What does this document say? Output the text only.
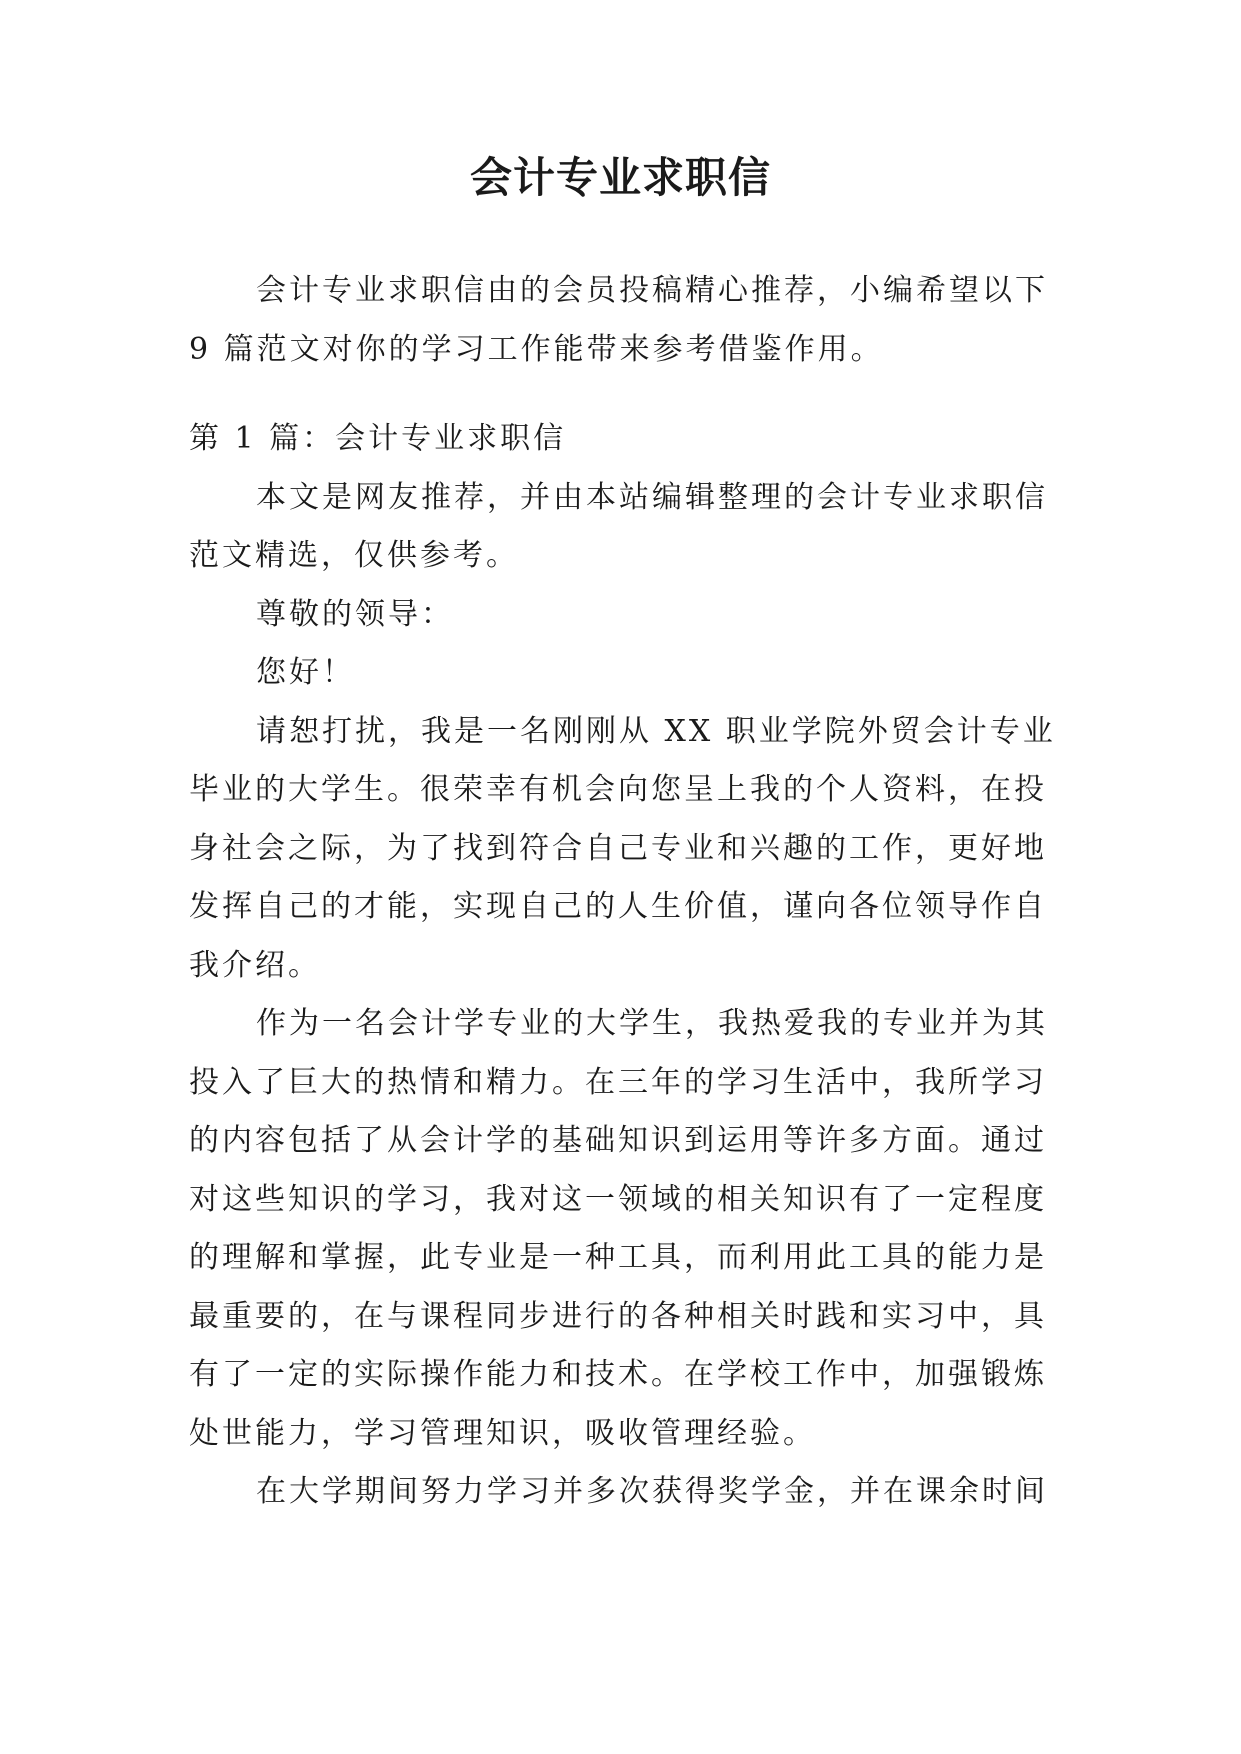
会计专业求职信
会计专业求职信由的会员投稿精心推荐，小编希望以下
9 篇范文对你的学习工作能带来参考借鉴作用。
第 1 篇：会计专业求职信
本文是网友推荐，并由本站编辑整理的会计专业求职信
范文精选，仅供参考。
尊敬的领导：
您好！
请恕打扰，我是一名刚刚从 XX 职业学院外贸会计专业
毕业的大学生。很荣幸有机会向您呈上我的个人资料，在投
身社会之际，为了找到符合自己专业和兴趣的工作，更好地
发挥自己的才能，实现自己的人生价值，谨向各位领导作自
我介绍。
作为一名会计学专业的大学生，我热爱我的专业并为其
投入了巨大的热情和精力。在三年的学习生活中，我所学习
的内容包括了从会计学的基础知识到运用等许多方面。通过
对这些知识的学习，我对这一领域的相关知识有了一定程度
的理解和掌握，此专业是一种工具，而利用此工具的能力是
最重要的，在与课程同步进行的各种相关时践和实习中，具
有了一定的实际操作能力和技术。在学校工作中，加强锻炼
处世能力，学习管理知识，吸收管理经验。
在大学期间努力学习并多次获得奖学金，并在课余时间
